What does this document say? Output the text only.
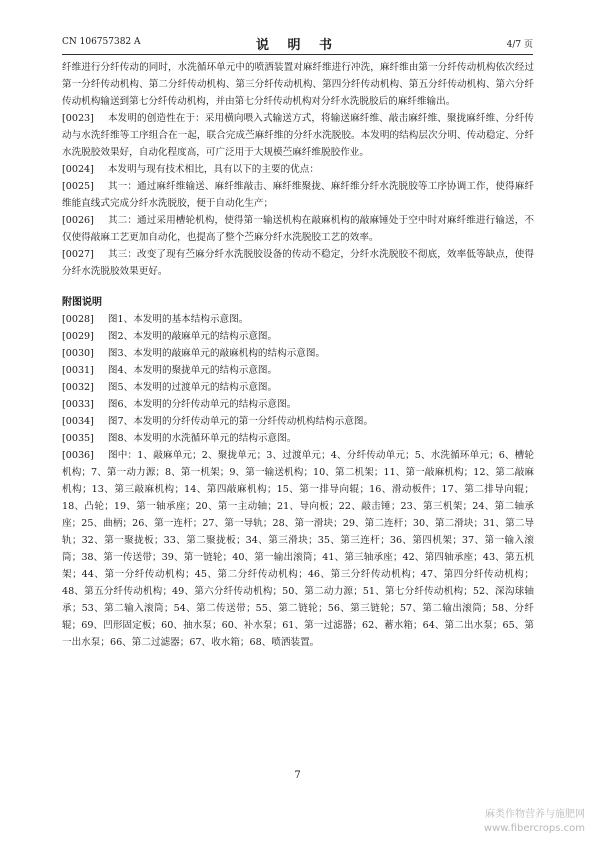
CN 106757382 A	说 明 书	4/7 页

纤维进行分纤传动的同时，水洗循环单元中的喷洒装置对麻纤维进行冲洗，麻纤维由第一分纤传动机构依次经过第一分纤传动机构、第二分纤传动机构、第三分纤传动机构、第四分纤传动机构、第五分纤传动机构、第六分纤传动机构输送到第七分纤传动机构，并由第七分纤传动机构对分纤水洗脱胶后的麻纤维输出。

[0023] 本发明的创造性在于：采用横向喂入式输送方式，将输送麻纤维、敲击麻纤维、聚拢麻纤维、分纤传动与水洗纤维等工序组合在一起，联合完成苎麻纤维的分纤水洗脱胶。本发明的结构层次分明、传动稳定、分纤水洗脱胶效果好，自动化程度高，可广泛用于大规模苎麻纤维脱胶作业。

[0024] 本发明与现有技术相比，具有以下的主要的优点：

[0025] 其一：通过麻纤维输送、麻纤维敲击、麻纤维聚拢、麻纤维分纤水洗脱胶等工序协调工作，使得麻纤维能直线式完成分纤水洗脱胶，便于自动化生产；

[0026] 其二：通过采用槽轮机构，使得第一输送机构在敲麻机构的敲麻锤处于空中时对麻纤维进行输送，不仅使得敲麻工艺更加自动化，也提高了整个苎麻分纤水洗脱胶工艺的效率。

[0027] 其三：改变了现有苎麻分纤水洗脱胶设备的传动不稳定，分纤水洗脱胶不彻底，效率低等缺点，使得分纤水洗脱胶效果更好。

附图说明

[0028] 图1、本发明的基本结构示意图。

[0029] 图2、本发明的敲麻单元的结构示意图。

[0030] 图3、本发明的敲麻单元的敲麻机构的结构示意图。

[0031] 图4、本发明的聚拢单元的结构示意图。

[0032] 图5、本发明的过渡单元的结构示意图。

[0033] 图6、本发明的分纤传动单元的结构示意图。

[0034] 图7、本发明的分纤传动单元的第一分纤传动机构结构示意图。

[0035] 图8、本发明的水洗循环单元的结构示意图。

[0036] 图中：1、敲麻单元；2、聚拢单元；3、过渡单元；4、分纤传动单元；5、水洗循环单元；6、槽轮机构；7、第一动力源；8、第一机架；9、第一输送机构；10、第二机架；11、第一敲麻机构；12、第二敲麻机构；13、第三敲麻机构；14、第四敲麻机构；15、第一排导向辊；16、滑动板件；17、第二排导向辊；18、凸轮；19、第一轴承座；20、第一主动轴；21、导向板；22、敲击锤；23、第三机架；24、第二轴承座；25、曲柄；26、第一连杆；27、第一导轨；28、第一滑块；29、第二连杆；30、第二滑块；31、第二导轨；32、第一聚拢板；33、第二聚拢板；34、第三滑块；35、第三连杆；36、第四机架；37、第一输入滚筒；38、第一传送带；39、第一链轮；40、第一输出滚筒；41、第三轴承座；42、第四轴承座；43、第五机架；44、第一分纤传动机构；45、第二分纤传动机构；46、第三分纤传动机构；47、第四分纤传动机构；48、第五分纤传动机构；49、第六分纤传动机构；50、第二动力源；51、第七分纤传动机构；52、深沟球轴承；53、第二输入滚筒；54、第二传送带；55、第二链轮；56、第三链轮；57、第二输出滚筒；58、分纤辊；69、凹形固定板；60、抽水泵；60、补水泵；61、第一过滤器；62、蓄水箱；64、第二出水泵；65、第一出水泵；66、第二过滤器；67、收水箱；68、喷洒装置。

7
麻类作物营养与施肥网
www.fibercrops.com
